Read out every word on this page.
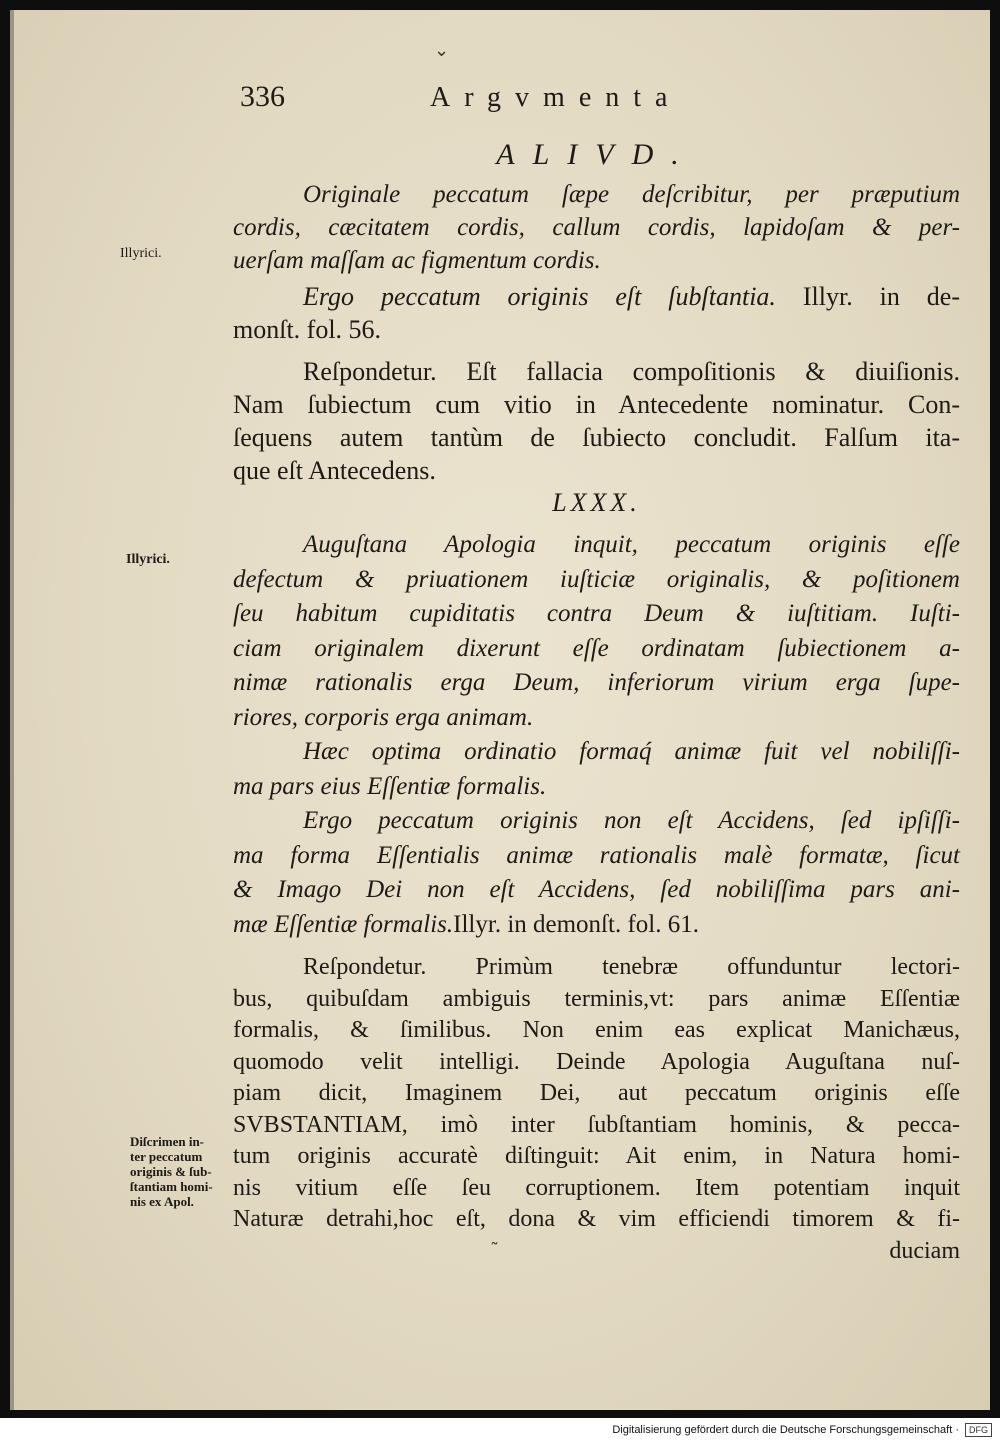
⌄
336	Argvmenta
ALIVD.
Originale peccatum ſæpe deſcribitur, per præputium
cordis, cæcitatem cordis, callum cordis, lapidoſam & per-
uerſam maſſam ac figmentum cordis.
Ergo peccatum originis eſt ſubſtantia. Illyr. in de-
monſt. fol. 56.
Reſpondetur. Eſt fallacia compoſitionis & diuiſionis.
Nam ſubiectum cum vitio in Antecedente nominatur. Con-
ſequens autem tantùm de ſubiecto concludit. Falſum ita-
que eſt Antecedens.
LXXX.
Auguſtana Apologia inquit, peccatum originis eſſe
defectum & priuationem iuſticiæ originalis, & poſitionem
ſeu habitum cupiditatis contra Deum & iuſtitiam. Iuſti-
ciam originalem dixerunt eſſe ordinatam ſubiectionem a-
nimæ rationalis erga Deum, inferiorum virium erga ſupe-
riores, corporis erga animam.
Hæc optima ordinatio formaq́ animæ fuit vel nobiliſſi-
ma pars eius Eſſentiæ formalis.
Ergo peccatum originis non eſt Accidens, ſed ipſiſſi-
ma forma Eſſentialis animæ rationalis malè formatæ, ſicut
& Imago Dei non eſt Accidens, ſed nobiliſſima pars ani-
mæ Eſſentiæ formalis.Illyr. in demonſt. fol. 61.
Reſpondetur. Primùm tenebræ offunduntur lectori-
bus, quibuſdam ambiguis terminis,vt: pars animæ Eſſentiæ
formalis, & ſimilibus. Non enim eas explicat Manichæus,
quomodo velit intelligi. Deinde Apologia Auguſtana nuſ-
piam dicit, Imaginem Dei, aut peccatum originis eſſe
SVBSTANTIAM, imò inter ſubſtantiam hominis, & pecca-
tum originis accuratè diſtinguit: Ait enim, in Natura homi-
nis vitium eſſe ſeu corruptionem. Item potentiam inquit
Naturæ detrahi,hoc eſt, dona & vim efficiendi timorem & fi-
duciam
Illyrici.
Illyrici.
Diſcrimen in-
ter peccatum
originis & ſub-
ſtantiam homi-
nis ex Apol.
˜
Digitalisierung gefördert durch die Deutsche Forschungsgemeinschaft ·	DFG
